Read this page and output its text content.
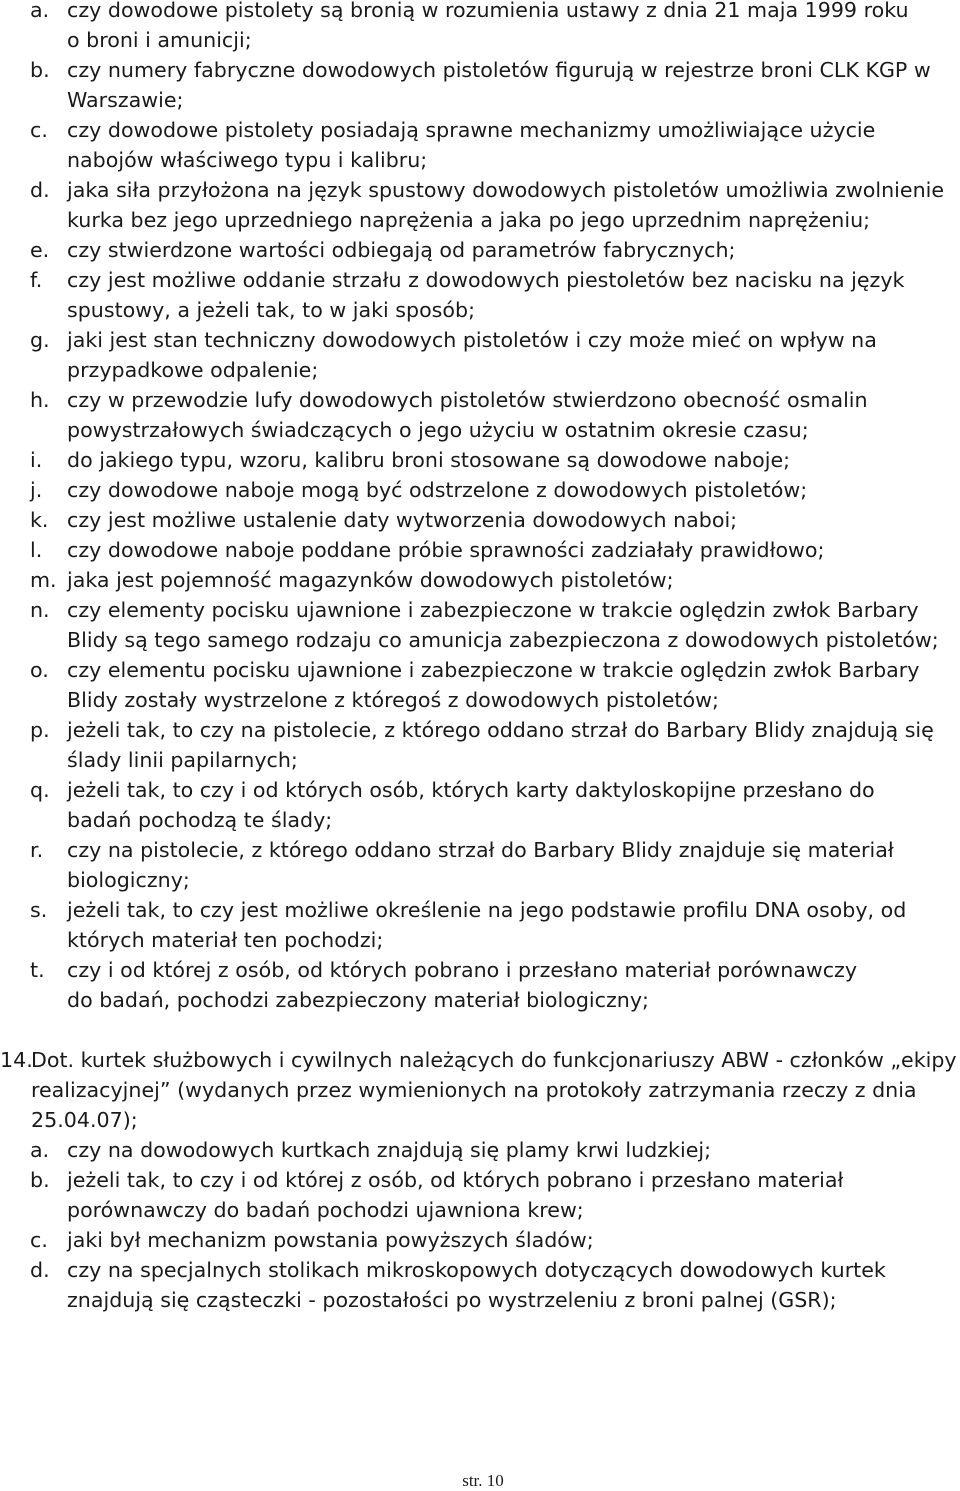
a. czy dowodowe pistolety są bronią w rozumienia ustawy z dnia 21 maja 1999 roku o broni i amunicji;
b. czy numery fabryczne dowodowych pistoletów figurują w rejestrze broni CLK KGP w Warszawie;
c. czy dowodowe pistolety posiadają sprawne mechanizmy umożliwiające użycie nabojów właściwego typu i kalibru;
d. jaka siła przyłożona na język spustowy dowodowych pistoletów umożliwia zwolnienie kurka bez jego uprzedniego naprężenia a jaka po jego uprzednim naprężeniu;
e. czy stwierdzone wartości odbiegają od parametrów fabrycznych;
f. czy jest możliwe oddanie strzału z dowodowych piestoletów bez nacisku na język spustowy, a jeżeli tak, to w jaki sposób;
g. jaki jest stan techniczny dowodowych pistoletów i czy może mieć on wpływ na przypadkowe odpalenie;
h. czy w przewodzie lufy dowodowych pistoletów stwierdzono obecność osmalin powystrzałowych świadczących o jego użyciu w ostatnim okresie czasu;
i. do jakiego typu, wzoru, kalibru broni stosowane są dowodowe naboje;
j. czy dowodowe naboje mogą być odstrzelone z dowodowych pistoletów;
k. czy jest możliwe ustalenie daty wytworzenia dowodowych naboi;
l. czy dowodowe naboje poddane próbie sprawności zadziałały prawidłowo;
m. jaka jest pojemność magazynków dowodowych pistoletów;
n. czy elementy pocisku ujawnione i zabezpieczone w trakcie oględzin zwłok Barbary Blidy są tego samego rodzaju co amunicja zabezpieczona z dowodowych pistoletów;
o. czy elementu pocisku ujawnione i zabezpieczone w trakcie oględzin zwłok Barbary Blidy zostały wystrzelone z któregoś z dowodowych pistoletów;
p. jeżeli tak, to czy na pistolecie, z którego oddano strzał do Barbary Blidy znajdują się ślady linii papilarnych;
q. jeżeli tak, to czy i od których osób, których karty daktyloskopijne przesłano do badań pochodzą te ślady;
r. czy na pistolecie, z którego oddano strzał do Barbary Blidy znajduje się materiał biologiczny;
s. jeżeli tak, to czy jest możliwe określenie na jego podstawie profilu DNA osoby, od których materiał ten pochodzi;
t. czy i od której z osób, od których pobrano i przesłano materiał porównawczy do badań, pochodzi zabezpieczony materiał biologiczny;
14.
Dot. kurtek służbowych i cywilnych należących do funkcjonariuszy ABW - członków „ekipy realizacyjnej” (wydanych przez wymienionych na protokoły zatrzymania rzeczy z dnia 25.04.07);
a. czy na dowodowych kurtkach znajdują się plamy krwi ludzkiej;
b. jeżeli tak, to czy i od której z osób, od których pobrano i przesłano materiał porównawczy do badań pochodzi ujawniona krew;
c. jaki był mechanizm powstania powyższych śladów;
d. czy na specjalnych stolikach mikroskopowych dotyczących dowodowych kurtek znajdują się cząsteczki - pozostałości po wystrzeleniu z broni palnej (GSR);
str. 10
